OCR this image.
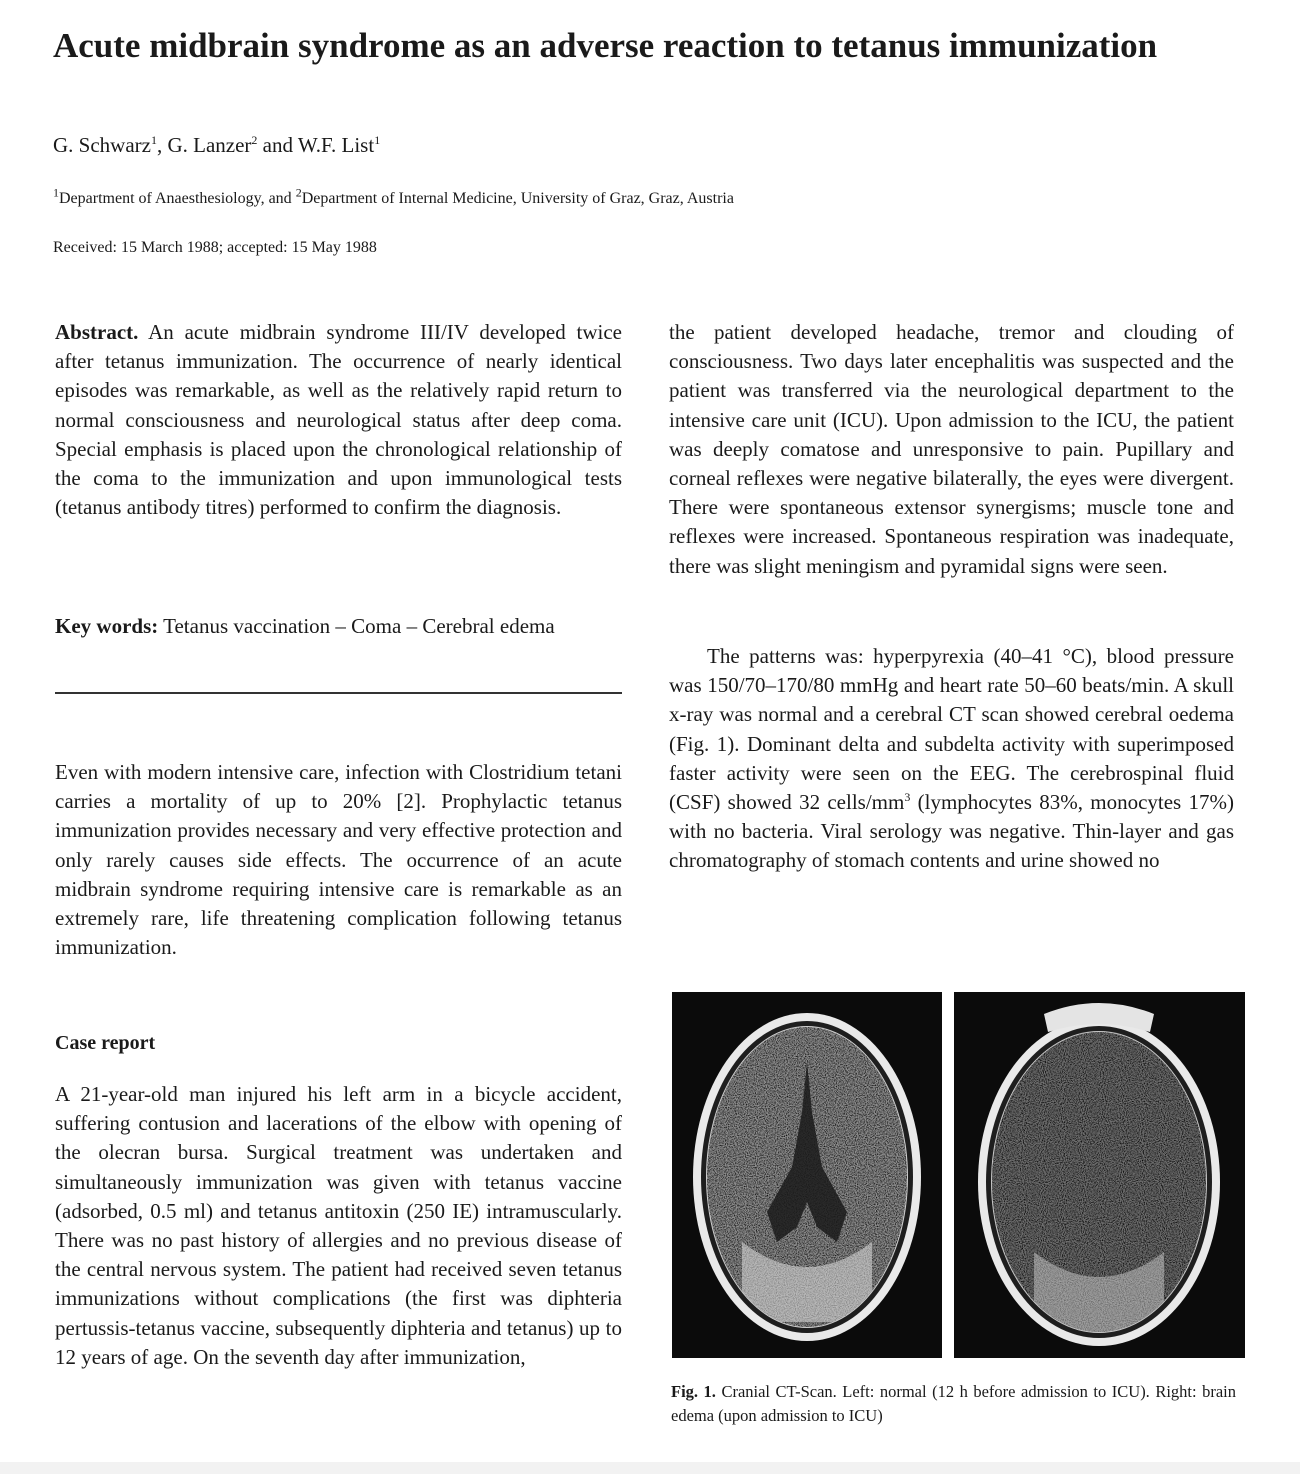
Acute midbrain syndrome as an adverse reaction to tetanus immunization
G. Schwarz$^1$, G. Lanzer$^2$ and W.F. List$^1$
$^1$Department of Anaesthesiology, and $^2$Department of Internal Medicine, University of Graz, Graz, Austria
Received: 15 March 1988; accepted: 15 May 1988
Abstract. An acute midbrain syndrome III/IV developed twice after tetanus immunization. The occurrence of nearly identical episodes was remarkable, as well as the relatively rapid return to normal consciousness and neurological status after deep coma. Special emphasis is placed upon the chronological relationship of the coma to the immunization and upon immunological tests (tetanus antibody titres) performed to confirm the diagnosis.
Key words: Tetanus vaccination – Coma – Cerebral edema
Even with modern intensive care, infection with Clostridium tetani carries a mortality of up to 20% [2]. Prophylactic tetanus immunization provides necessary and very effective protection and only rarely causes side effects. The occurrence of an acute midbrain syndrome requiring intensive care is remarkable as an extremely rare, life threatening complication following tetanus immunization.
Case report
A 21-year-old man injured his left arm in a bicycle accident, suffering contusion and lacerations of the elbow with opening of the olecran bursa. Surgical treatment was undertaken and simultaneously immunization was given with tetanus vaccine (adsorbed, 0.5 ml) and tetanus antitoxin (250 IE) intramuscularly. There was no past history of allergies and no previous disease of the central nervous system. The patient had received seven tetanus immunizations without complications (the first was diphteria pertussis-tetanus vaccine, subsequently diphteria and tetanus) up to 12 years of age. On the seventh day after immunization,
the patient developed headache, tremor and clouding of consciousness. Two days later encephalitis was suspected and the patient was transferred via the neurological department to the intensive care unit (ICU). Upon admission to the ICU, the patient was deeply comatose and unresponsive to pain. Pupillary and corneal reflexes were negative bilaterally, the eyes were divergent. There were spontaneous extensor synergisms; muscle tone and reflexes were increased. Spontaneous respiration was inadequate, there was slight meningism and pyramidal signs were seen.
The patterns was: hyperpyrexia (40–41 °C), blood pressure was 150/70–170/80 mmHg and heart rate 50–60 beats/min. A skull x-ray was normal and a cerebral CT scan showed cerebral oedema (Fig. 1). Dominant delta and subdelta activity with superimposed faster activity were seen on the EEG. The cerebrospinal fluid (CSF) showed 32 cells/$mm^3$ (lymphocytes 83%, monocytes 17%) with no bacteria. Viral serology was negative. Thin-layer and gas chromatography of stomach contents and urine showed no
Fig. 1. Cranial CT-Scan. Left: normal (12 h before admission to ICU). Right: brain edema (upon admission to ICU)
